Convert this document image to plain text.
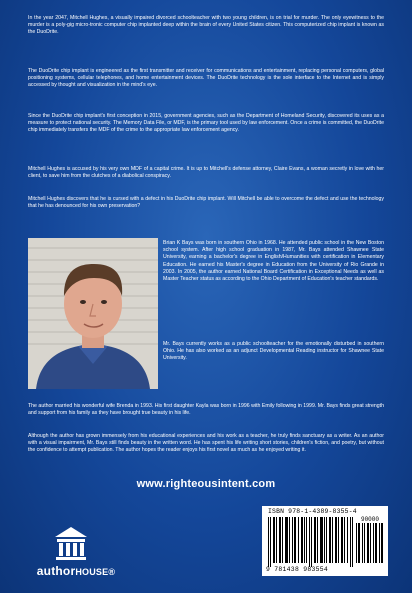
In the year 2047, Mitchell Hughes, a visually impaired divorced schoolteacher with two young children, is on trial for murder. The only eyewitness to the murder is a poly-gig micro-tronic computer chip implanted deep within the brain of every United States citizen. This computerized chip implant is known as the DuoDrite.

The DuoDrite chip implant is engineered as the first transmitter and receiver for communications and entertainment, replacing personal computers, global positioning systems, cellular telephones, and home entertainment devices. The DuoDrite technology is the sole interface to the Internet and is simply accessed by thought and visualization in the mind's eye.

Since the DuoDrite chip implant's first conception in 2015, government agencies, such as the Department of Homeland Security, discovered its uses as a measure to protect national security. The Memory Data File, or MDF, is the primary tool used by law enforcement. Once a crime is committed, the DuoDrite chip immediately transfers the MDF of the crime to the appropriate law enforcement agency.

Mitchell Hughes is accused by his very own MDF of a capital crime. It is up to Mitchell's defense attorney, Claire Evans, a woman secretly in love with her client, to save him from the clutches of a diabolical conspiracy.

Mitchell Hughes discovers that he is cursed with a defect in his DuoDrite chip implant. Will Mitchell be able to overcome the defect and use the technology that he has denounced for his own preservation?

Brian K Bays was born in southern Ohio in 1968. He attended public school in the New Boston school system. After high school graduation in 1987, Mr. Bays attended Shawnee State University, earning a bachelor's degree in English/Humanities with certification in Elementary Education. He earned his Master's degree in Education from the University of Rio Grande in 2003. In 2005, the author earned National Board Certification in Exceptional Needs as well as Master Teacher status as according to the Ohio Department of Education's teacher standards.

Mr. Bays currently works as a public schoolteacher for the emotionally disturbed in southern Ohio. He has also worked as an adjunct Developmental Reading instructor for Shawnee State University.

The author married his wonderful wife Brenda in 1993. His first daughter Kayla was born in 1996 with Emily following in 1999. Mr. Bays finds great strength and support from his family as they have brought true beauty in his life.

Although the author has grown immensely from his educational experiences and his work as a teacher, he truly finds sanctuary as a writer. As an author with a visual impairment, Mr. Bays still finds beauty in the written word. He has spent his life writing short stories, children's fiction, and poetry, but without the confidence to attempt publication. The author hopes the reader enjoys his first novel as much as he enjoyed writing it.

www.righteousintent.com
authorHOUSE®
ISBN 978-1-4389-8355-4
90000
9 781438 983554
